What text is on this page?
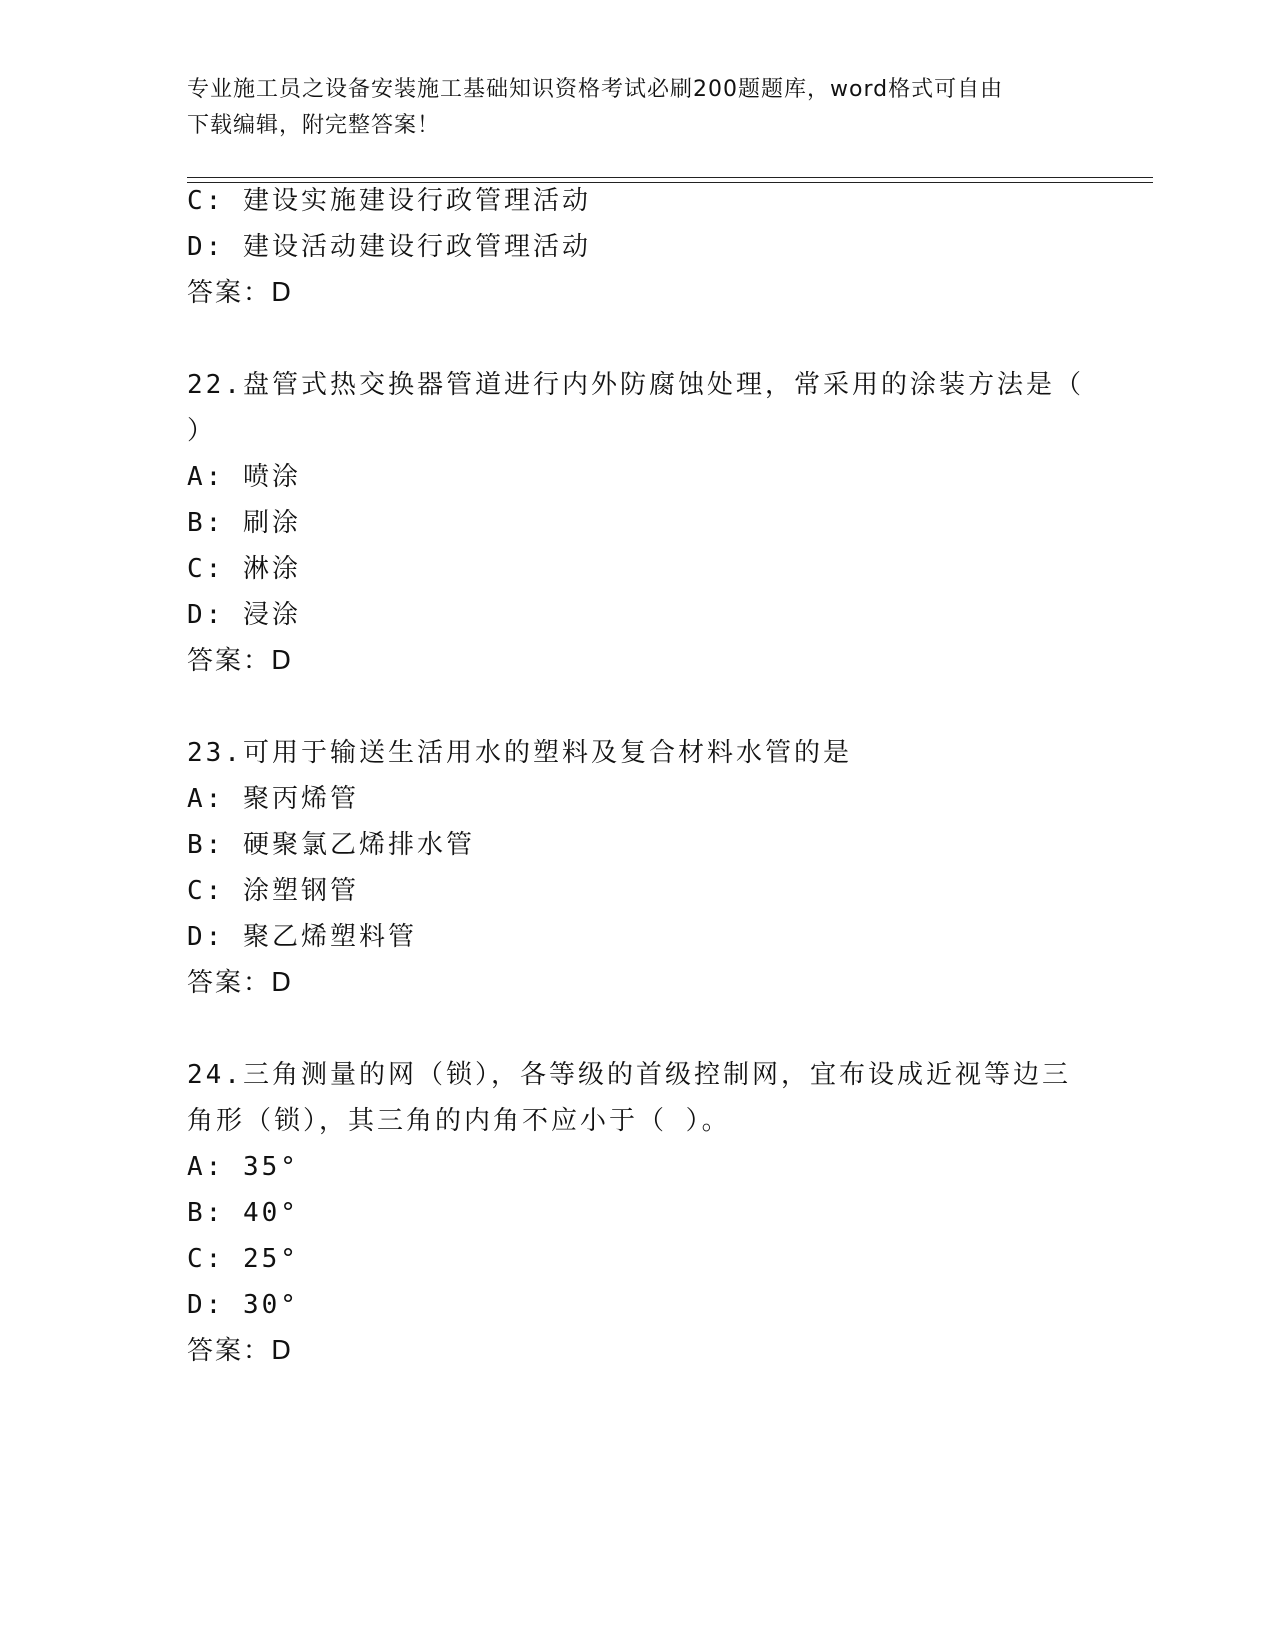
专业施工员之设备安装施工基础知识资格考试必刷200题题库，word格式可自由
下载编辑，附完整答案！
C: 建设实施建设行政管理活动
D: 建设活动建设行政管理活动
答案：D
22.盘管式热交换器管道进行内外防腐蚀处理，常采用的涂装方法是（
）
A: 喷涂
B: 刷涂
C: 淋涂
D: 浸涂
答案：D
23.可用于输送生活用水的塑料及复合材料水管的是
A: 聚丙烯管
B: 硬聚氯乙烯排水管
C: 涂塑钢管
D: 聚乙烯塑料管
答案：D
24.三角测量的网（锁），各等级的首级控制网，宜布设成近视等边三
角形（锁），其三角的内角不应小于（ ）。
A: 35°
B: 40°
C: 25°
D: 30°
答案：D
